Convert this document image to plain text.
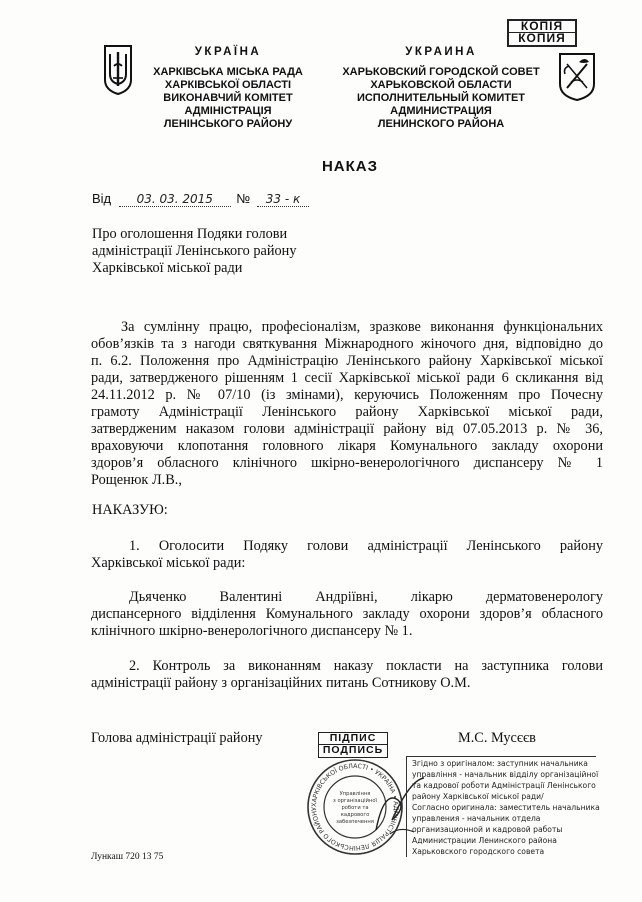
КОПІЯ
КОПИЯ
УКРАЇНА
ХАРКІВСЬКА МІСЬКА РАДА
ХАРКІВСЬКОЇ ОБЛАСТІ
ВИКОНАВЧИЙ КОМІТЕТ
АДМІНІСТРАЦІЯ
ЛЕНІНСЬКОГО РАЙОНУ
УКРАИНА
ХАРЬКОВСКИЙ ГОРОДСКОЙ СОВЕТ
ХАРЬКОВСКОЙ ОБЛАСТИ
ИСПОЛНИТЕЛЬНЫЙ КОМИТЕТ
АДМИНИСТРАЦИЯ
ЛЕНИНСКОГО РАЙОНА
НАКАЗ
Від 03. 03. 2015 № 33 - к
Про оголошення Подяки голови
адміністрації Ленінського району
Харківської міської ради
За сумлінну працю, професіоналізм, зразкове виконання функціональних
обов’язків та з нагоди святкування Міжнародного жіночого дня, відповідно до
п. 6.2. Положення про Адміністрацію Ленінського району Харківської міської
ради, затвердженого рішенням 1 сесії Харківської міської ради 6 скликання від
24.11.2012 р. № 07/10 (із змінами), керуючись Положенням про Почесну
грамоту Адміністрації Ленінського району Харківської міської ради,
затвердженим наказом голови адміністрації району від 07.05.2013 р. № 36,
враховуючи клопотання головного лікаря Комунального закладу охорони
здоров’я обласного клінічного шкірно-венерологічного диспансеру № 1
Рощенюк Л.В.,
НАКАЗУЮ:
1. Оголосити Подяку голови адміністрації Ленінського району
Харківської міської ради:
Дьяченко Валентині Андріївні, лікарю дерматовенерологу
диспансерного відділення Комунального закладу охорони здоров’я обласного
клінічного шкірно-венерологічного диспансеру № 1.
2. Контроль за виконанням наказу покласти на заступника голови
адміністрації району з організаційних питань Сотникову О.М.
Голова адміністрації району	ПІДПИС
ПОДПИСЬ
М.С. Мусєєв
ХАРКІВСЬКОЇ ОБЛАСТІ • УКРАЇНА • АДМІНІСТРАЦІЯ ЛЕНІНСЬКОГО РАЙОНУ
Управління
з організаційної
роботи та
кадрового
забезпечення
Згідно з оригіналом: заступник начальника
управління - начальник відділу організаційної
та кадрової роботи Адміністрації Ленінського
району Харківської міської ради/
Согласно оригинала: заместитель начальника
управления - начальник отдела
организационной и кадровой работы
Администрации Ленинского района
Харьковского городского совета
Лункаш 720 13 75
